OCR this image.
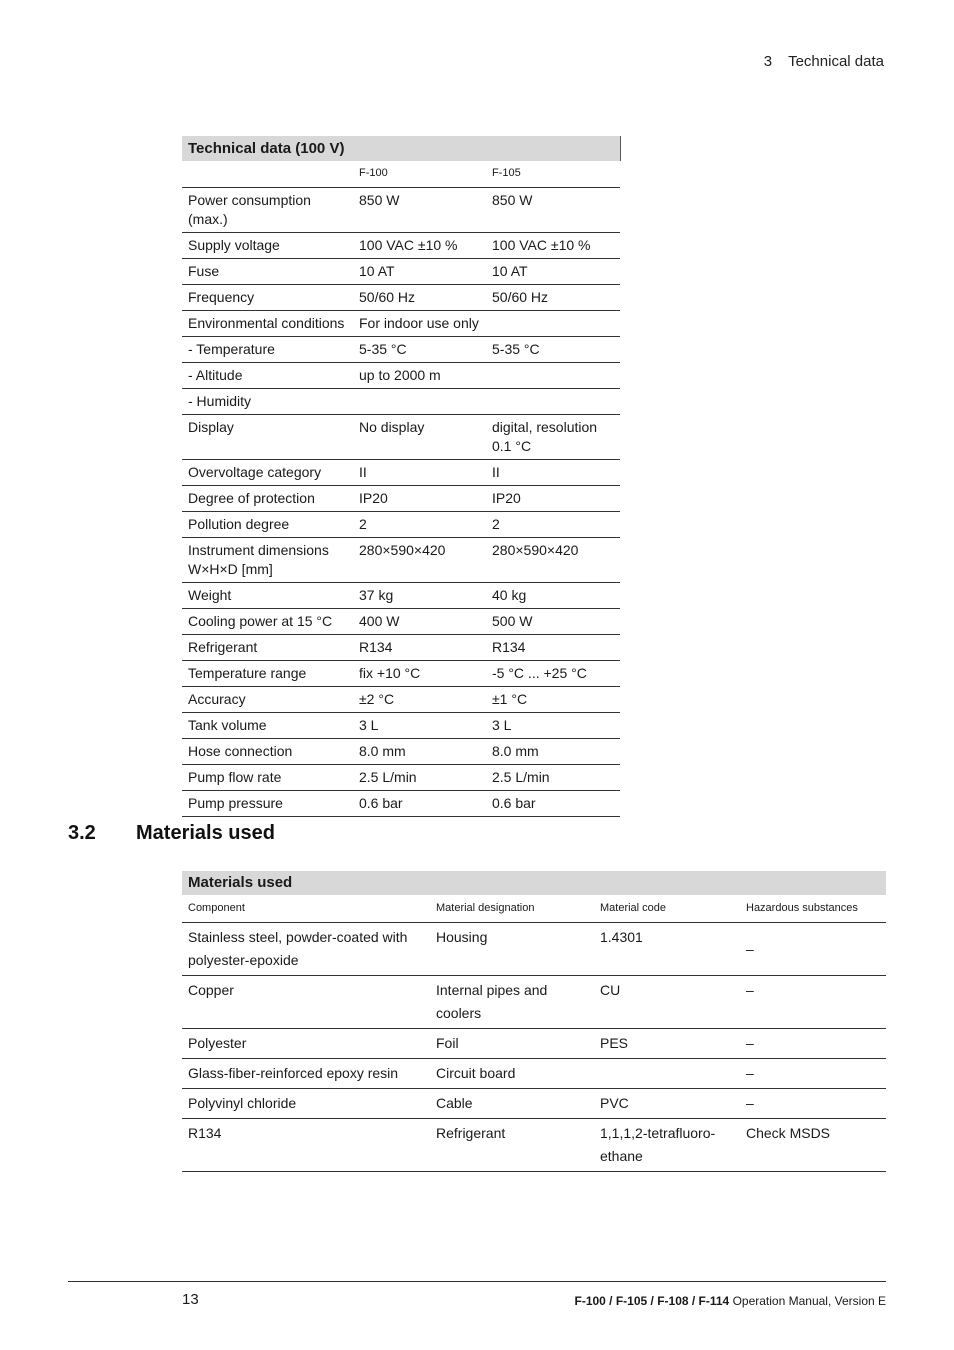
3 Technical data
Technical data (100 V)		
	F-100	F-105
Power consumption (max.)	850 W	850 W
Supply voltage	100 VAC ±10 %	100 VAC ±10 %
Fuse	10 AT	10 AT
Frequency	50/60 Hz	50/60 Hz
Environmental conditions	For indoor use only	
- Temperature	5-35 °C	5-35 °C
- Altitude	up to 2000 m	
- Humidity		
Display	No display	digital, resolution 0.1 °C
Overvoltage category	II	II
Degree of protection	IP20	IP20
Pollution degree	2	2
Instrument dimensions W×H×D [mm]	280×590×420	280×590×420
Weight	37 kg	40 kg
Cooling power at 15 °C	400 W	500 W
Refrigerant	R134	R134
Temperature range	fix +10 °C	-5 °C ... +25 °C
Accuracy	±2 °C	±1 °C
Tank volume	3 L	3 L
Hose connection	8.0 mm	8.0 mm
Pump flow rate	2.5 L/min	2.5 L/min
Pump pressure	0.6 bar	0.6 bar
3.2 Materials used
Materials used			
Component	Material designation	Material code	Hazardous substances
Stainless steel, powder-coated with polyester-epoxide	Housing	1.4301	–
Copper	Internal pipes and coolers	CU	–
Polyester	Foil	PES	–
Glass-fiber-reinforced epoxy resin	Circuit board		–
Polyvinyl chloride	Cable	PVC	–
R134	Refrigerant	1,1,1,2-tetrafluoro-ethane	Check MSDS
13	F-100 / F-105 / F-108 / F-114 Operation Manual, Version E
